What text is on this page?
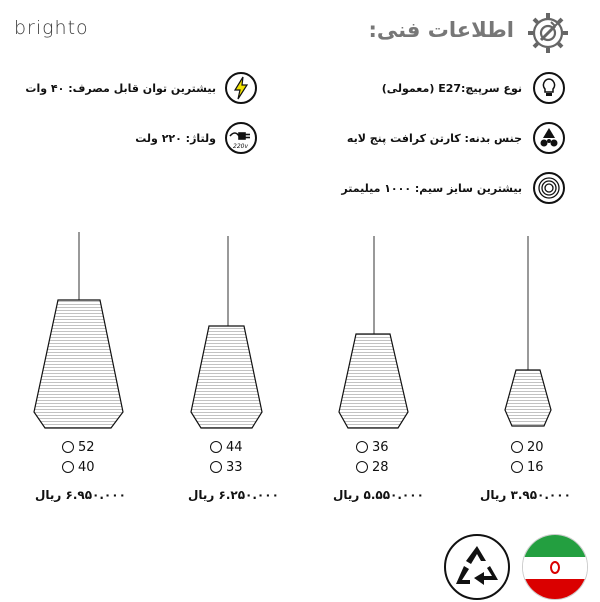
brighto	اطلاعات فنی:
نوع سرپیچ:E27 (معمولی)
جنس بدنه: کارتن کرافت پنج لایه
بیشترین سایز سیم: ۱۰۰۰ میلیمتر
بیشترین توان قابل مصرف: ۴۰ وات
220v
ولتاژ: ۲۲۰ ولت
52
40
۶.۹۵۰.۰۰۰ ریال
44
33
۶.۲۵۰.۰۰۰ ریال
36
28
۵.۵۵۰.۰۰۰ ریال
20
16
۳.۹۵۰.۰۰۰ ریال
